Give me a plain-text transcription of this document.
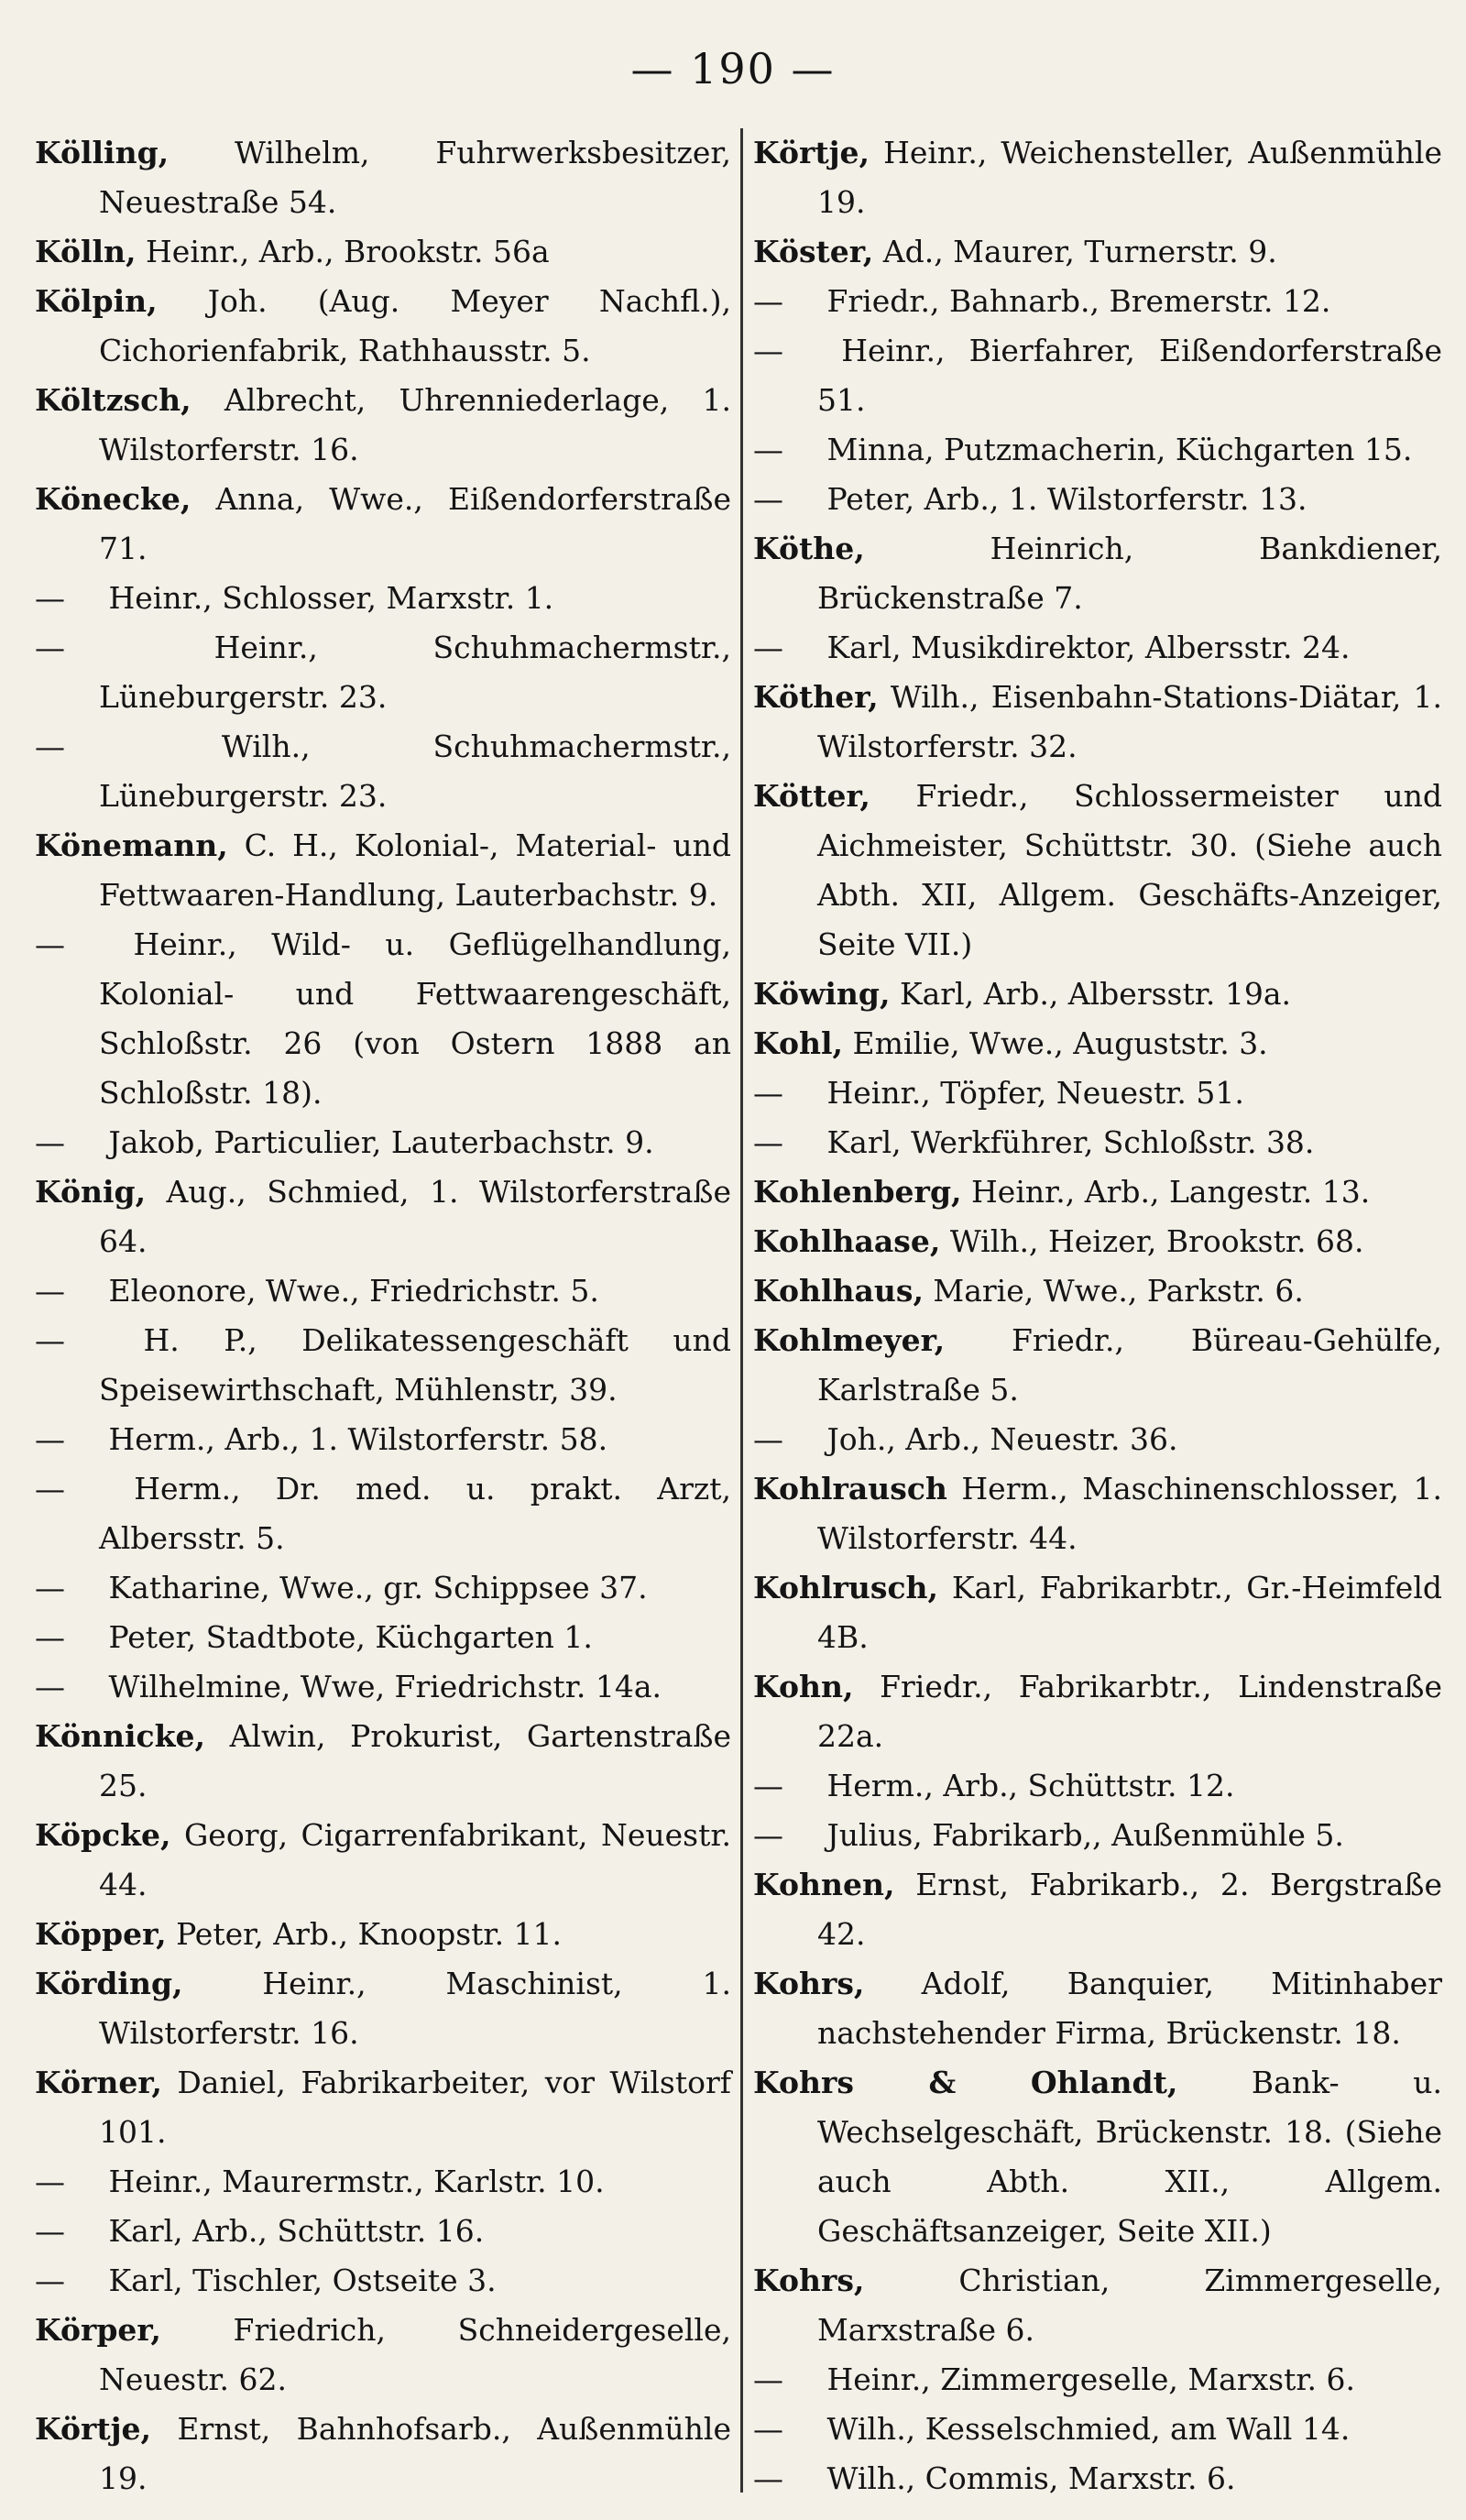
— 190 —
Kölling, Wilhelm, Fuhrwerksbesitzer, Neuestraße 54.
Kölln, Heinr., Arb., Brookstr. 56a
Kölpin, Joh. (Aug. Meyer Nachfl.), Cichorienfabrik, Rathhausstr. 5.
Költzsch, Albrecht, Uhrenniederlage, 1. Wilstorferstr. 16.
Könecke, Anna, Wwe., Eißendorferstraße 71.
— Heinr., Schlosser, Marxstr. 1.
— Heinr., Schuhmachermstr., Lüneburgerstr. 23.
— Wilh., Schuhmachermstr., Lüneburgerstr. 23.
Könemann, C. H., Kolonial-, Material- und Fettwaaren-Handlung, Lauterbachstr. 9.
— Heinr., Wild- u. Geflügelhandlung, Kolonial- und Fettwaarengeschäft, Schloßstr. 26 (von Ostern 1888 an Schloßstr. 18).
— Jakob, Particulier, Lauterbachstr. 9.
König, Aug., Schmied, 1. Wilstorferstraße 64.
— Eleonore, Wwe., Friedrichstr. 5.
— H. P., Delikatessengeschäft und Speisewirthschaft, Mühlenstr, 39.
— Herm., Arb., 1. Wilstorferstr. 58.
— Herm., Dr. med. u. prakt. Arzt, Albersstr. 5.
— Katharine, Wwe., gr. Schippsee 37.
— Peter, Stadtbote, Küchgarten 1.
— Wilhelmine, Wwe, Friedrichstr. 14a.
Könnicke, Alwin, Prokurist, Gartenstraße 25.
Köpcke, Georg, Cigarrenfabrikant, Neuestr. 44.
Köpper, Peter, Arb., Knoopstr. 11.
Körding, Heinr., Maschinist, 1. Wilstorferstr. 16.
Körner, Daniel, Fabrikarbeiter, vor Wilstorf 101.
— Heinr., Maurermstr., Karlstr. 10.
— Karl, Arb., Schüttstr. 16.
— Karl, Tischler, Ostseite 3.
Körper, Friedrich, Schneidergeselle, Neuestr. 62.
Körtje, Ernst, Bahnhofsarb., Außenmühle 19.
Körtje, Heinr., Weichensteller, Außenmühle 19.
Köster, Ad., Maurer, Turnerstr. 9.
— Friedr., Bahnarb., Bremerstr. 12.
— Heinr., Bierfahrer, Eißendorferstraße 51.
— Minna, Putzmacherin, Küchgarten 15.
— Peter, Arb., 1. Wilstorferstr. 13.
Köthe, Heinrich, Bankdiener, Brückenstraße 7.
— Karl, Musikdirektor, Albersstr. 24.
Köther, Wilh., Eisenbahn-Stations-Diätar, 1. Wilstorferstr. 32.
Kötter, Friedr., Schlossermeister und Aichmeister, Schüttstr. 30. (Siehe auch Abth. XII, Allgem. Geschäfts-Anzeiger, Seite VII.)
Köwing, Karl, Arb., Albersstr. 19a.
Kohl, Emilie, Wwe., Auguststr. 3.
— Heinr., Töpfer, Neuestr. 51.
— Karl, Werkführer, Schloßstr. 38.
Kohlenberg, Heinr., Arb., Langestr. 13.
Kohlhaase, Wilh., Heizer, Brookstr. 68.
Kohlhaus, Marie, Wwe., Parkstr. 6.
Kohlmeyer, Friedr., Büreau-Gehülfe, Karlstraße 5.
— Joh., Arb., Neuestr. 36.
Kohlrausch Herm., Maschinenschlosser, 1. Wilstorferstr. 44.
Kohlrusch, Karl, Fabrikarbtr., Gr.-Heimfeld 4B.
Kohn, Friedr., Fabrikarbtr., Lindenstraße 22a.
— Herm., Arb., Schüttstr. 12.
— Julius, Fabrikarb,, Außenmühle 5.
Kohnen, Ernst, Fabrikarb., 2. Bergstraße 42.
Kohrs, Adolf, Banquier, Mitinhaber nachstehender Firma, Brückenstr. 18.
Kohrs & Ohlandt, Bank- u. Wechselgeschäft, Brückenstr. 18. (Siehe auch Abth. XII., Allgem. Geschäftsanzeiger, Seite XII.)
Kohrs, Christian, Zimmergeselle, Marxstraße 6.
— Heinr., Zimmergeselle, Marxstr. 6.
— Wilh., Kesselschmied, am Wall 14.
— Wilh., Commis, Marxstr. 6.
